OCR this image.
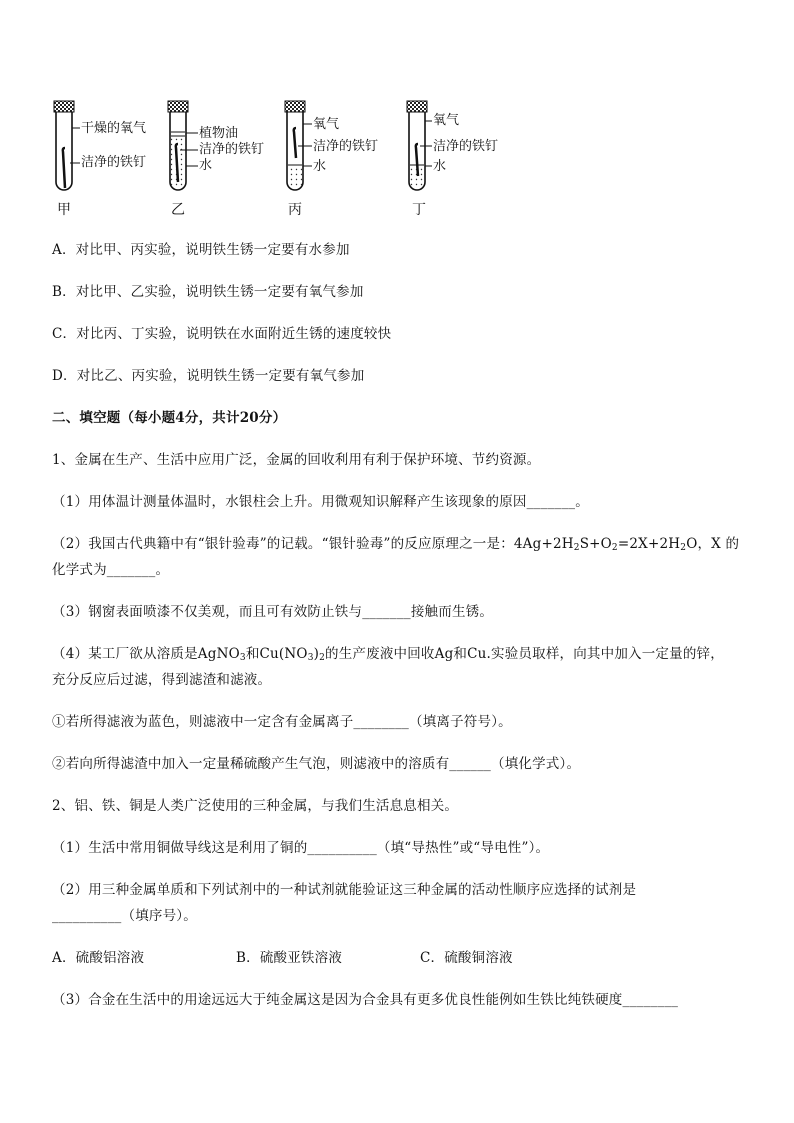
干燥的氧气
洁净的铁钉
甲
植物油
洁净的铁钉
水
乙
氧气
洁净的铁钉
水
丙
氧气
洁净的铁钉
水
丁
A．对比甲、丙实验，说明铁生锈一定要有水参加
B．对比甲、乙实验，说明铁生锈一定要有氧气参加
C．对比丙、丁实验，说明铁在水面附近生锈的速度较快
D．对比乙、丙实验，说明铁生锈一定要有氧气参加
二、填空题（每小题4分，共计20分）
1、金属在生产、生活中应用广泛，金属的回收利用有利于保护环境、节约资源。
（1）用体温计测量体温时，水银柱会上升。用微观知识解释产生该现象的原因_______。
（2）我国古代典籍中有“银针验毒”的记载。“银针验毒”的反应原理之一是：$4Ag+2H_2S+O_2=2X+2H_2O$，X 的
化学式为_______。
（3）钢窗表面喷漆不仅美观，而且可有效防止铁与_______接触而生锈。
（4）某工厂欲从溶质是AgNO$_3$和$Cu(NO_3)_2$的生产废液中回收Ag和Cu.实验员取样，向其中加入一定量的锌，
充分反应后过滤，得到滤渣和滤液。
①若所得滤液为蓝色，则滤液中一定含有金属离子________（填离子符号）。
②若向所得滤渣中加入一定量稀硫酸产生气泡，则滤液中的溶质有______（填化学式）。
2、铝、铁、铜是人类广泛使用的三种金属，与我们生活息息相关。
（1）生活中常用铜做导线这是利用了铜的__________（填“导热性”或“导电性”）。
（2）用三种金属单质和下列试剂中的一种试剂就能验证这三种金属的活动性顺序应选择的试剂是
__________（填序号）。
A．硫酸铝溶液	B．硫酸亚铁溶液	C．硫酸铜溶液
（3）合金在生活中的用途远远大于纯金属这是因为合金具有更多优良性能例如生铁比纯铁硬度________
